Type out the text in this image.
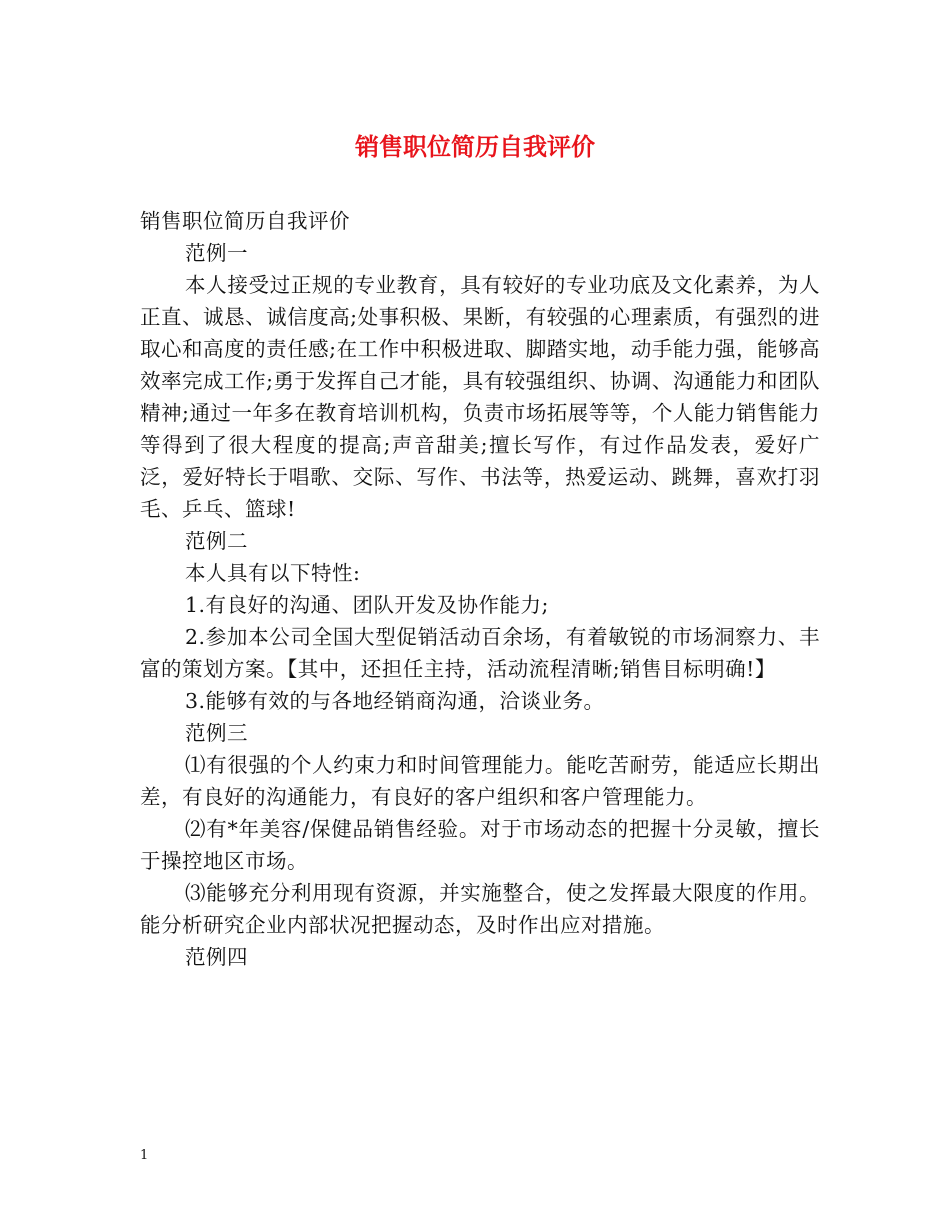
销售职位简历自我评价

销售职位简历自我评价

范例一

本人接受过正规的专业教育，具有较好的专业功底及文化素养，为人正直、诚恳、诚信度高;处事积极、果断，有较强的心理素质，有强烈的进取心和高度的责任感;在工作中积极进取、脚踏实地，动手能力强，能够高效率完成工作;勇于发挥自己才能，具有较强组织、协调、沟通能力和团队精神;通过一年多在教育培训机构，负责市场拓展等等，个人能力销售能力等得到了很大程度的提高;声音甜美;擅长写作，有过作品发表，爱好广泛，爱好特长于唱歌、交际、写作、书法等，热爱运动、跳舞，喜欢打羽毛、乒乓、篮球!

范例二

本人具有以下特性:

1.有良好的沟通、团队开发及协作能力;

2.参加本公司全国大型促销活动百余场，有着敏锐的市场洞察力、丰富的策划方案。【其中，还担任主持，活动流程清晰;销售目标明确!】

3.能够有效的与各地经销商沟通，洽谈业务。

范例三

⑴有很强的个人约束力和时间管理能力。能吃苦耐劳，能适应长期出差，有良好的沟通能力，有良好的客户组织和客户管理能力。

⑵有*年美容/保健品销售经验。对于市场动态的把握十分灵敏，擅长于操控地区市场。

⑶能够充分利用现有资源，并实施整合，使之发挥最大限度的作用。能分析研究企业内部状况把握动态，及时作出应对措施。

范例四

1
